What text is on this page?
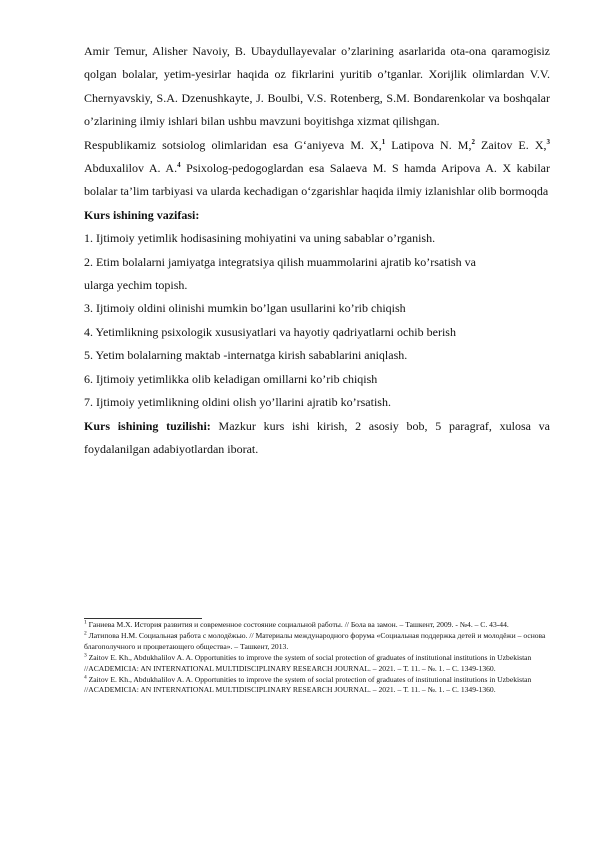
Amir Temur, Alisher Navoiy, B. Ubaydullayevalar o’zlarining asarlarida ota-ona qaramogisiz qolgan bolalar, yetim-yesirlar haqida oz fikrlarini yuritib o’tganlar. Xorijlik olimlardan V.V. Chernyavskiy, S.A. Dzenushkayte, J. Boulbi, V.S. Rotenberg, S.M. Bondarenkolar va boshqalar o’zlarining ilmiy ishlari bilan ushbu mavzuni boyitishga xizmat qilishgan.

Respublikamiz sotsiolog olimlaridan esa G‘aniyeva M. X,$^1$ Latipova N. M,$^2$ Zaitov E. X,$^3$ Abduxalilov A. A.$^4$ Psixolog-pedogoglardan esa Salaeva M. S hamda Aripova A. X kabilar bolalar ta’lim tarbiyasi va ularda kechadigan o‘zgarishlar haqida ilmiy izlanishlar olib bormoqda

Kurs ishining vazifasi:

1. Ijtimoiy yetimlik hodisasining mohiyatini va uning sabablar o’rganish.

2. Etim bolalarni jamiyatga integratsiya qilish muammolarini ajratib ko’rsatish va

ularga yechim topish.

3. Ijtimoiy oldini olinishi mumkin bo’lgan usullarini ko’rib chiqish

4. Yetimlikning psixologik xususiyatlari va hayotiy qadriyatlarni ochib berish

5. Yetim bolalarning maktab -internatga kirish sabablarini aniqlash.

6. Ijtimoiy yetimlikka olib keladigan omillarni ko’rib chiqish

7. Ijtimoiy yetimlikning oldini olish yo’llarini ajratib ko’rsatish.

Kurs ishining tuzilishi: Mazkur kurs ishi kirish, 2 asosiy bob, 5 paragraf, xulosa va foydalanilgan adabiyotlardan iborat.

$^1$ Ганиева М.Х. История развития и современное состояние социальной работы. // Бола ва замон. – Ташкент, 2009. - №4. – С. 43-44.

$^2$ Латипова Н.М. Социальная работа с молодёжью. // Материалы международного форума «Социальная поддержка детей и молодёжи – основа благополучного и процветающего общества». – Ташкент, 2013.

$^3$ Zaitov E. Kh., Abdukhalilov A. A. Opportunities to improve the system of social protection of graduates of institutional institutions in Uzbekistan //ACADEMICIA: AN INTERNATIONAL MULTIDISCIPLINARY RESEARCH JOURNAL. – 2021. – Т. 11. – №. 1. – С. 1349-1360.

$^4$ Zaitov E. Kh., Abdukhalilov A. A. Opportunities to improve the system of social protection of graduates of institutional institutions in Uzbekistan //ACADEMICIA: AN INTERNATIONAL MULTIDISCIPLINARY RESEARCH JOURNAL. – 2021. – Т. 11. – №. 1. – С. 1349-1360.
